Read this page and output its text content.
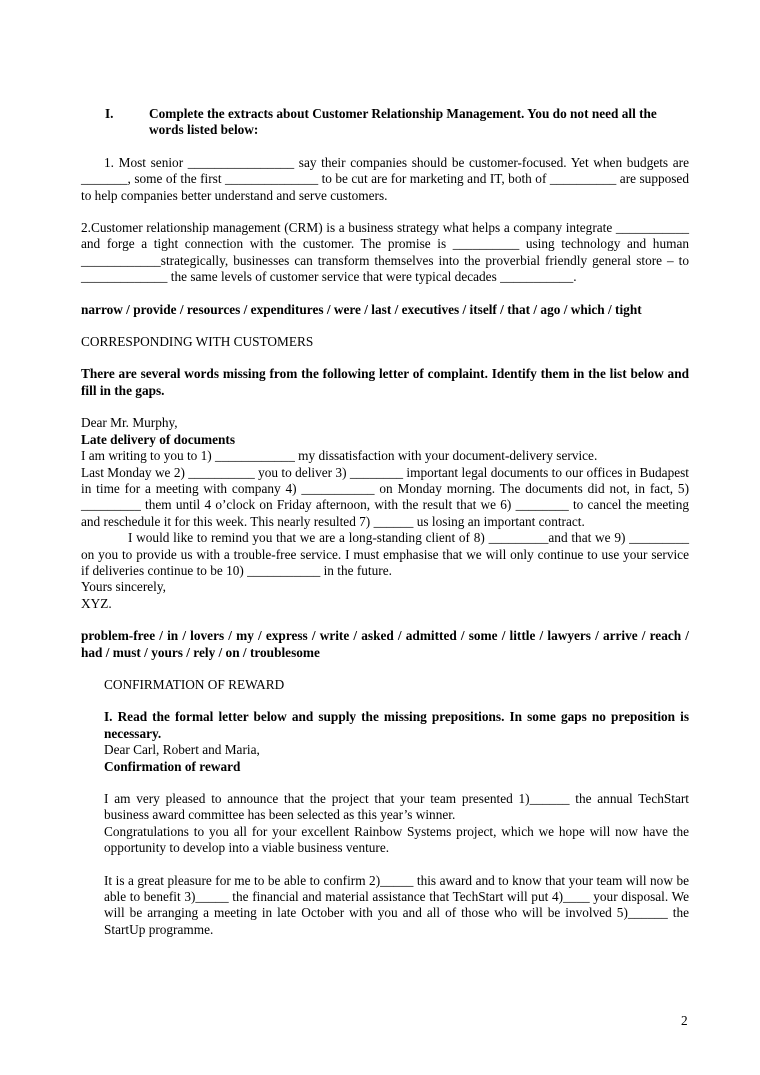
I.	Complete the extracts about Customer Relationship Management. You do not need all the words listed below:

1. Most senior ________________ say their companies should be customer-focused. Yet when budgets are _______, some of the first ______________ to be cut are for marketing and IT, both of __________ are supposed to help companies better understand and serve customers.

2.Customer relationship management (CRM) is a business strategy what helps a company integrate ___________ and forge a tight connection with the customer. The promise is __________ using technology and human ____________strategically, businesses can transform themselves into the proverbial friendly general store – to _____________ the same levels of customer service that were typical decades ___________.

narrow / provide / resources / expenditures / were / last / executives / itself / that / ago / which / tight

CORRESPONDING WITH CUSTOMERS

There are several words missing from the following letter of complaint. Identify them in the list below and fill in the gaps.

Dear Mr. Murphy,

Late delivery of documents

I am writing to you to 1) ____________ my dissatisfaction with your document-delivery service.

Last Monday we 2) __________ you to deliver 3) ________ important legal documents to our offices in Budapest in time for a meeting with company 4) ___________ on Monday morning. The documents did not, in fact, 5) _________ them until 4 o’clock on Friday afternoon, with the result that we 6) ________ to cancel the meeting and reschedule it for this week. This nearly resulted 7) ______ us losing an important contract.

I would like to remind you that we are a long-standing client of 8) _________and that we 9) _________ on you to provide us with a trouble-free service. I must emphasise that we will only continue to use your service if deliveries continue to be 10) ___________ in the future.

Yours sincerely,

XYZ.

problem-free / in / lovers / my / express / write / asked / admitted / some / little / lawyers / arrive / reach / had / must / yours / rely / on / troublesome

CONFIRMATION OF REWARD

I. Read the formal letter below and supply the missing prepositions. In some gaps no preposition is necessary.

Dear Carl, Robert and Maria,

Confirmation of reward

I am very pleased to announce that the project that your team presented 1)______ the annual TechStart business award committee has been selected as this year’s winner.

Congratulations to you all for your excellent Rainbow Systems project, which we hope will now have the opportunity to develop into a viable business venture.

It is a great pleasure for me to be able to confirm 2)_____ this award and to know that your team will now be able to benefit 3)_____ the financial and material assistance that TechStart will put 4)____ your disposal. We will be arranging a meeting in late October with you and all of those who will be involved 5)______ the StartUp programme.

2
